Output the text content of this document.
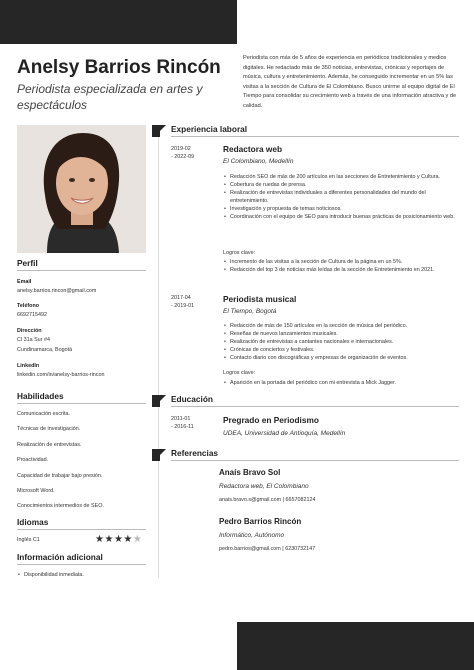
Anelsy Barrios Rincón
Periodista especializada en artes y espectáculos
Periodista con más de 5 años de experiencia en periódicos tradicionales y medios digitales. He redactado más de 350 noticias, entrevistas, crónicas y reportajes de música, cultura y entretenimiento. Además, he conseguido incrementar en un 5% las visitas a la sección de Cultura de El Colombiano. Busco unirme al equipo digital de El Tiempo para consolidar su crecimiento web a través de una información atractiva y de calidad.
Perfil
Email
anelsy.barrios.rincon@gmail.com
Teléfono
6692715492
Dirección
Cl 31a Sur #4
Cundinamarca, Bogotá
LinkedIn
linkedin.com/in/anelsy-barrios-rincon
Habilidades
Comunicación escrita.
Técnicas de investigación.
Realización de entrevistas.
Proactividad.
Capacidad de trabajar bajo presión.
Microsoft Word.
Conocimientos intermedios de SEO.
Idiomas
Inglés C1	★★★★★
Información adicional
• Disponibilidad inmediata.
Experiencia laboral
2019-02
- 2022-09
Redactora web
El Colombiano, Medellín
• Redacción SEO de más de 200 artículos en las secciones de Entretenimiento y Cultura.
• Cobertura de ruedas de prensa.
• Realización de entrevistas individuales a diferentes personalidades del mundo del entretenimiento.
• Investigación y propuesta de temas noticiosos.
• Coordinación con el equipo de SEO para introducir buenas prácticas de posicionamiento web.
Logros clave:
• Incremento de las visitas a la sección de Cultura de la página en un 5%.
• Redacción del top 3 de noticias más leídas de la sección de Entretenimiento en 2021.
2017-04
- 2019-01
Periodista musical
El Tiempo, Bogotá
• Redacción de más de 150 artículos en la sección de música del periódico.
• Reseñas de nuevos lanzamientos musicales.
• Realización de entrevistas a cantantes nacionales e internacionales.
• Crónicas de conciertos y festivales.
• Contacto diario con discográficas y empresas de organización de eventos.
Logros clave:
• Aparición en la portada del periódico con mi entrevista a Mick Jagger.
Educación
2011-01
- 2016-11
Pregrado en Periodismo
UDEA, Universidad de Antioquía, Medellín
Referencias
Anaís Bravo Sol
Redactora web, El Colombiano
anais.bravo.s@gmail.com | 6657082124
Pedro Barrios Rincón
Informático, Autónomo
pedro.barrios@gmail.com | 6230732147
